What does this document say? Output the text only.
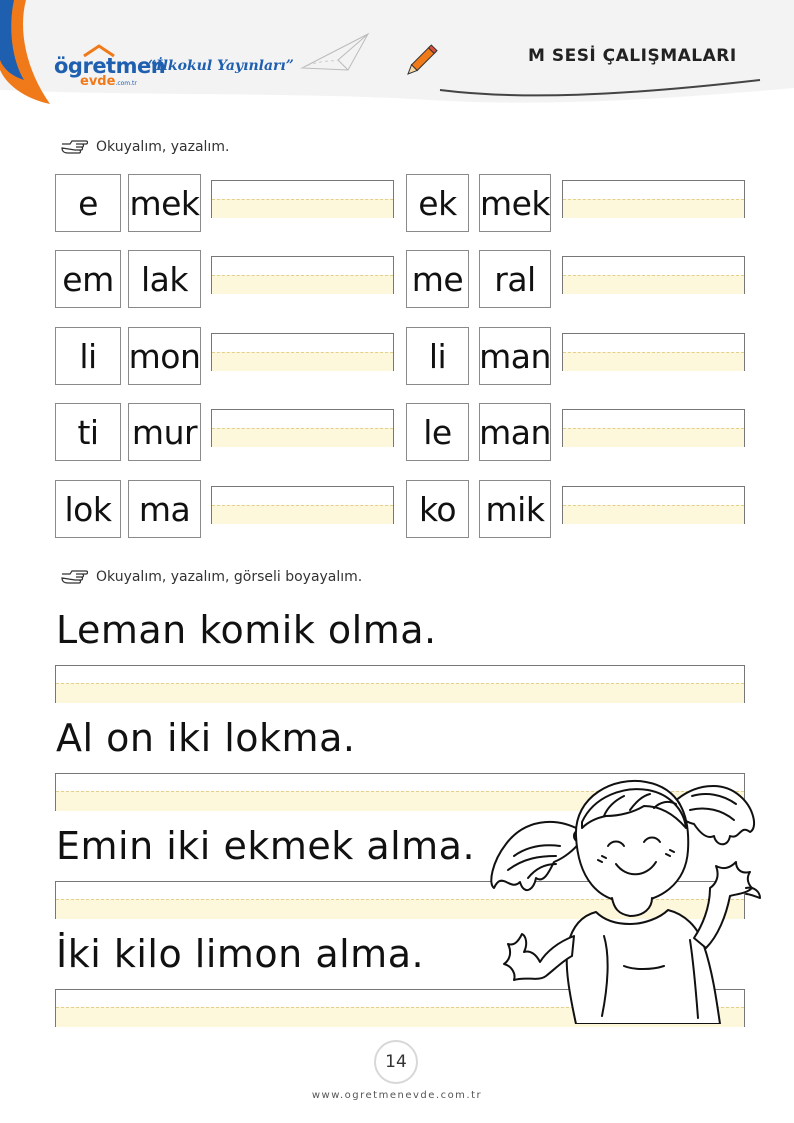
ögretmen
evde.com.tr
“İlkokul Yayınları”	M SESİ ÇALIŞMALARI
Okuyalım, yazalım.
e mek	ek mek
em lak	me ral
li mon	li man
ti	mur	le man
lok ma	ko mik
Okuyalım, yazalım, görseli boyayalım.
Leman komik olma.
Al on iki lokma.
Emin iki ekmek alma.
İki kilo limon alma.
14
www.ogretmenevde.com.tr
